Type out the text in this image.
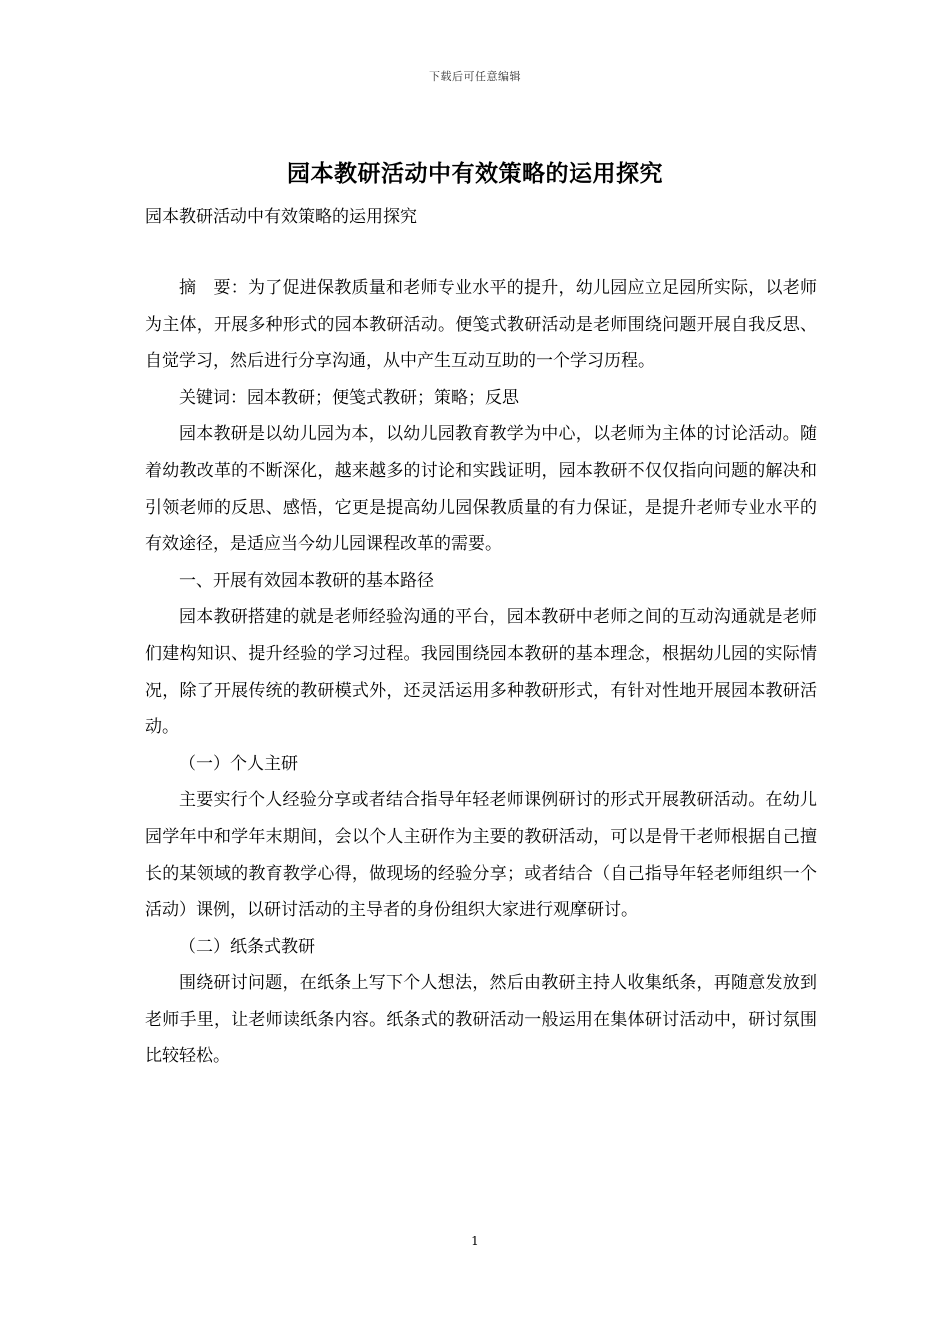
下载后可任意编辑
园本教研活动中有效策略的运用探究
园本教研活动中有效策略的运用探究

摘　要：为了促进保教质量和老师专业水平的提升，幼儿园应立足园所实际，以老师为主体，开展多种形式的园本教研活动。便笺式教研活动是老师围绕问题开展自我反思、自觉学习，然后进行分享沟通，从中产生互动互助的一个学习历程。

关键词：园本教研；便笺式教研；策略；反思

园本教研是以幼儿园为本，以幼儿园教育教学为中心，以老师为主体的讨论活动。随着幼教改革的不断深化，越来越多的讨论和实践证明，园本教研不仅仅指向问题的解决和引领老师的反思、感悟，它更是提高幼儿园保教质量的有力保证，是提升老师专业水平的有效途径，是适应当今幼儿园课程改革的需要。

一、开展有效园本教研的基本路径

园本教研搭建的就是老师经验沟通的平台，园本教研中老师之间的互动沟通就是老师们建构知识、提升经验的学习过程。我园围绕园本教研的基本理念，根据幼儿园的实际情况，除了开展传统的教研模式外，还灵活运用多种教研形式，有针对性地开展园本教研活动。

（一）个人主研

主要实行个人经验分享或者结合指导年轻老师课例研讨的形式开展教研活动。在幼儿园学年中和学年末期间，会以个人主研作为主要的教研活动，可以是骨干老师根据自己擅长的某领域的教育教学心得，做现场的经验分享；或者结合（自己指导年轻老师组织一个活动）课例，以研讨活动的主导者的身份组织大家进行观摩研讨。

（二）纸条式教研

围绕研讨问题，在纸条上写下个人想法，然后由教研主持人收集纸条，再随意发放到老师手里，让老师读纸条内容。纸条式的教研活动一般运用在集体研讨活动中，研讨氛围比较轻松。

1
